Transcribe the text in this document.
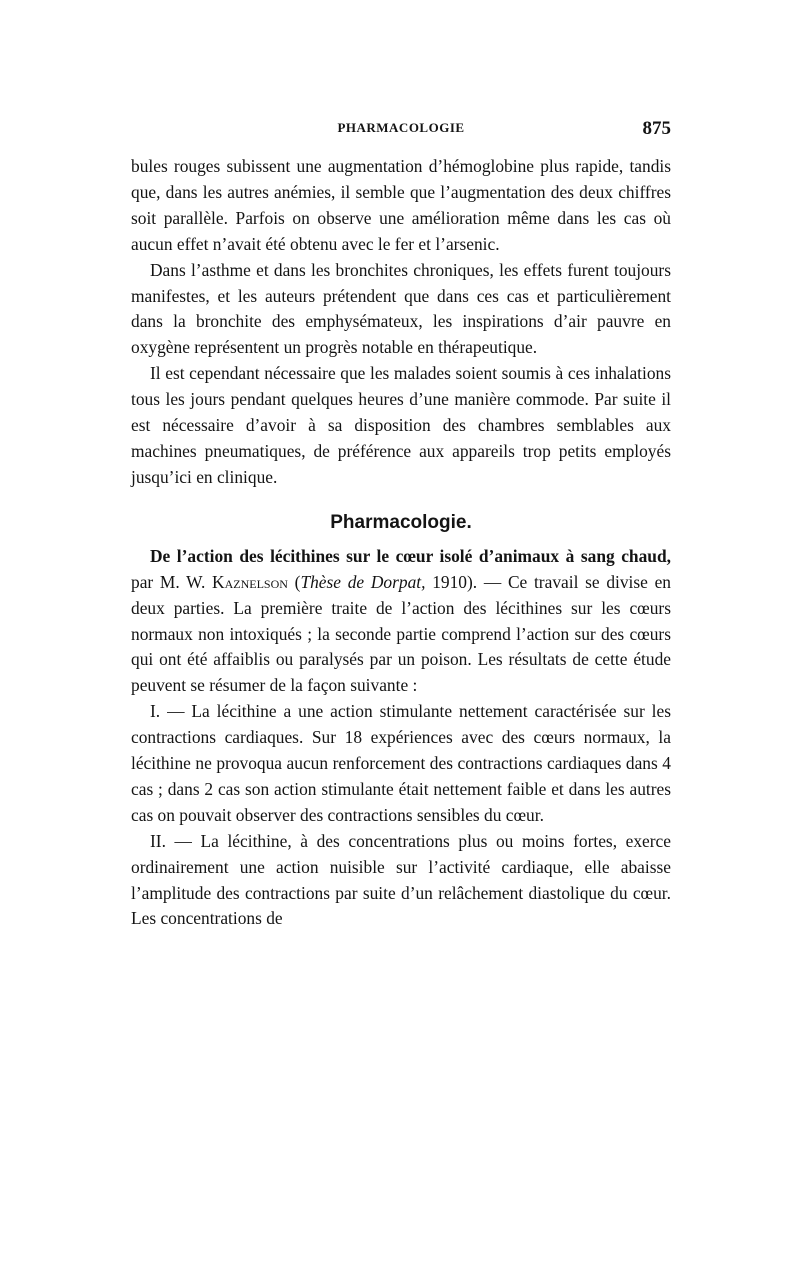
PHARMACOLOGIE	875

bules rouges subissent une augmentation d’hémoglobine plus rapide, tandis que, dans les autres anémies, il semble que l’augmentation des deux chiffres soit parallèle. Parfois on observe une amélioration même dans les cas où aucun effet n’avait été obtenu avec le fer et l’arsenic.

Dans l’asthme et dans les bronchites chroniques, les effets furent toujours manifestes, et les auteurs prétendent que dans ces cas et particulièrement dans la bronchite des emphysémateux, les inspirations d’air pauvre en oxygène représentent un progrès notable en thérapeutique.

Il est cependant nécessaire que les malades soient soumis à ces inhalations tous les jours pendant quelques heures d’une manière commode. Par suite il est nécessaire d’avoir à sa disposition des chambres semblables aux machines pneumatiques, de préférence aux appareils trop petits employés jusqu’ici en clinique.

Pharmacologie.

De l’action des lécithines sur le cœur isolé d’animaux à sang chaud, par M. W. Kaznelson (Thèse de Dorpat, 1910). — Ce travail se divise en deux parties. La première traite de l’action des lécithines sur les cœurs normaux non intoxiqués ; la seconde partie comprend l’action sur des cœurs qui ont été affaiblis ou paralysés par un poison. Les résultats de cette étude peuvent se résumer de la façon suivante :

I. — La lécithine a une action stimulante nettement caractérisée sur les contractions cardiaques. Sur 18 expériences avec des cœurs normaux, la lécithine ne provoqua aucun renforcement des contractions cardiaques dans 4 cas ; dans 2 cas son action stimulante était nettement faible et dans les autres cas on pouvait observer des contractions sensibles du cœur.

II. — La lécithine, à des concentrations plus ou moins fortes, exerce ordinairement une action nuisible sur l’activité cardiaque, elle abaisse l’amplitude des contractions par suite d’un relâchement diastolique du cœur. Les concentrations de
